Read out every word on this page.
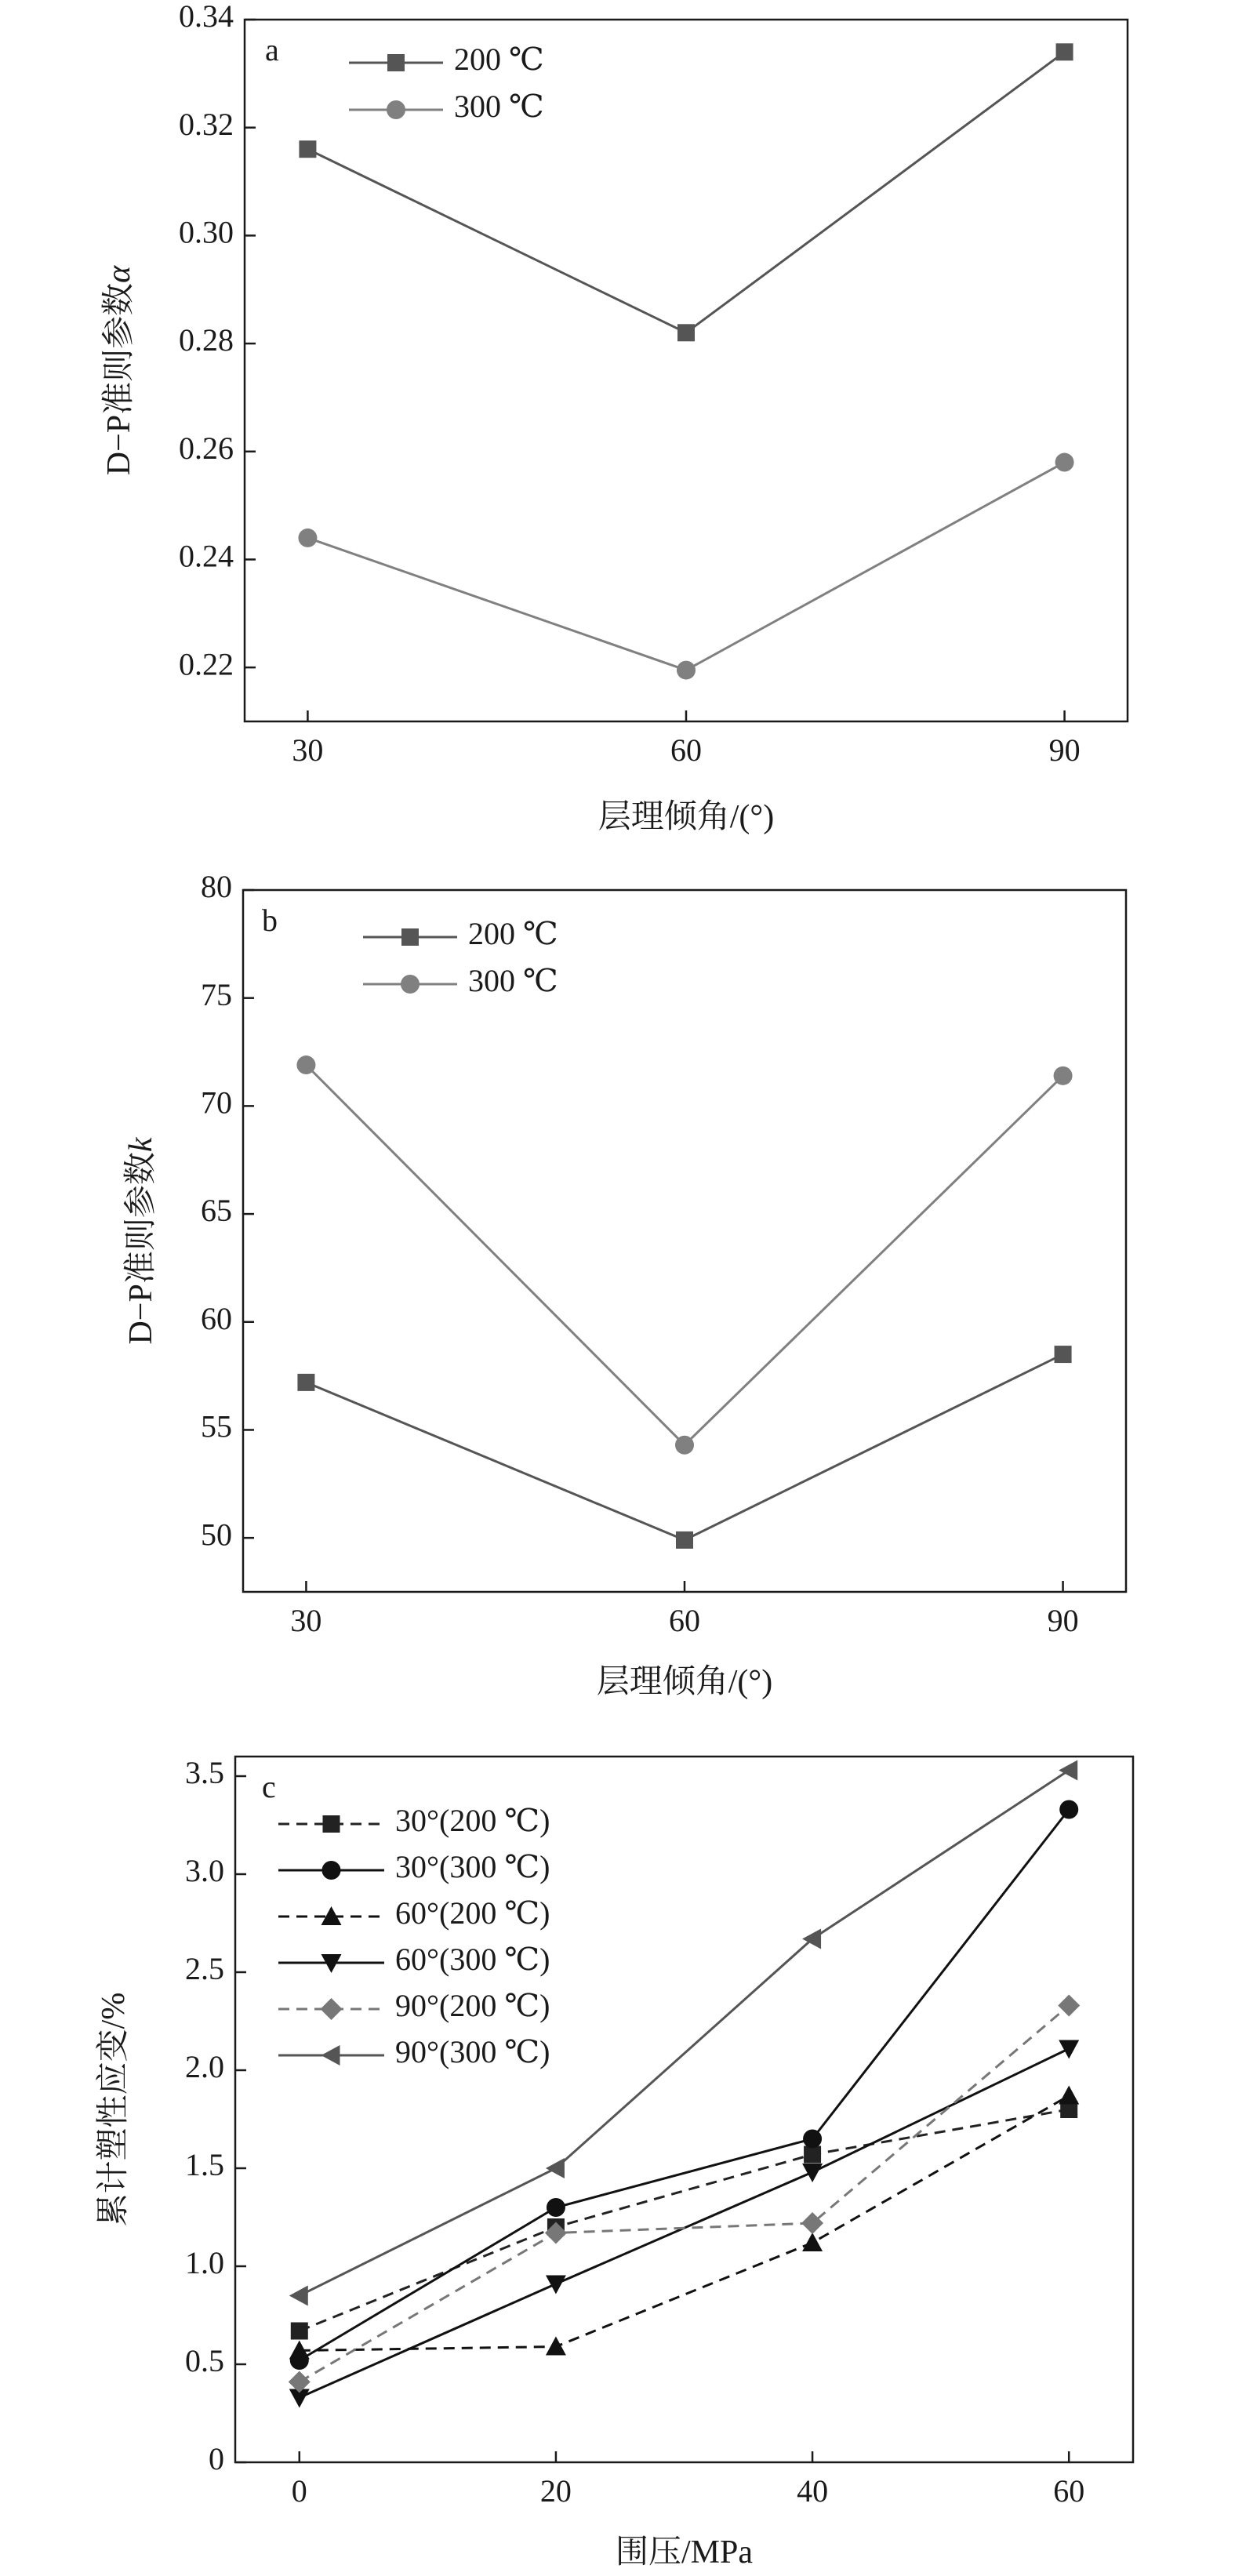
a
0.22
0.24
0.26
0.28
0.30
0.32
0.34
30	60	90
层理倾角/(°)
D−P准则参数α
200 ℃
300 ℃
b
50
55
60
65
70
75
80
30	60	90
层理倾角/(°)
D−P准则参数k
200 ℃
300 ℃
c
0
0.5
1.0
1.5
2.0
2.5
3.0
3.5
0	20	40	60
围压/MPa
累计塑性应变/%
30°(200 ℃)
30°(300 ℃)
60°(200 ℃)
60°(300 ℃)
90°(200 ℃)
90°(300 ℃)
